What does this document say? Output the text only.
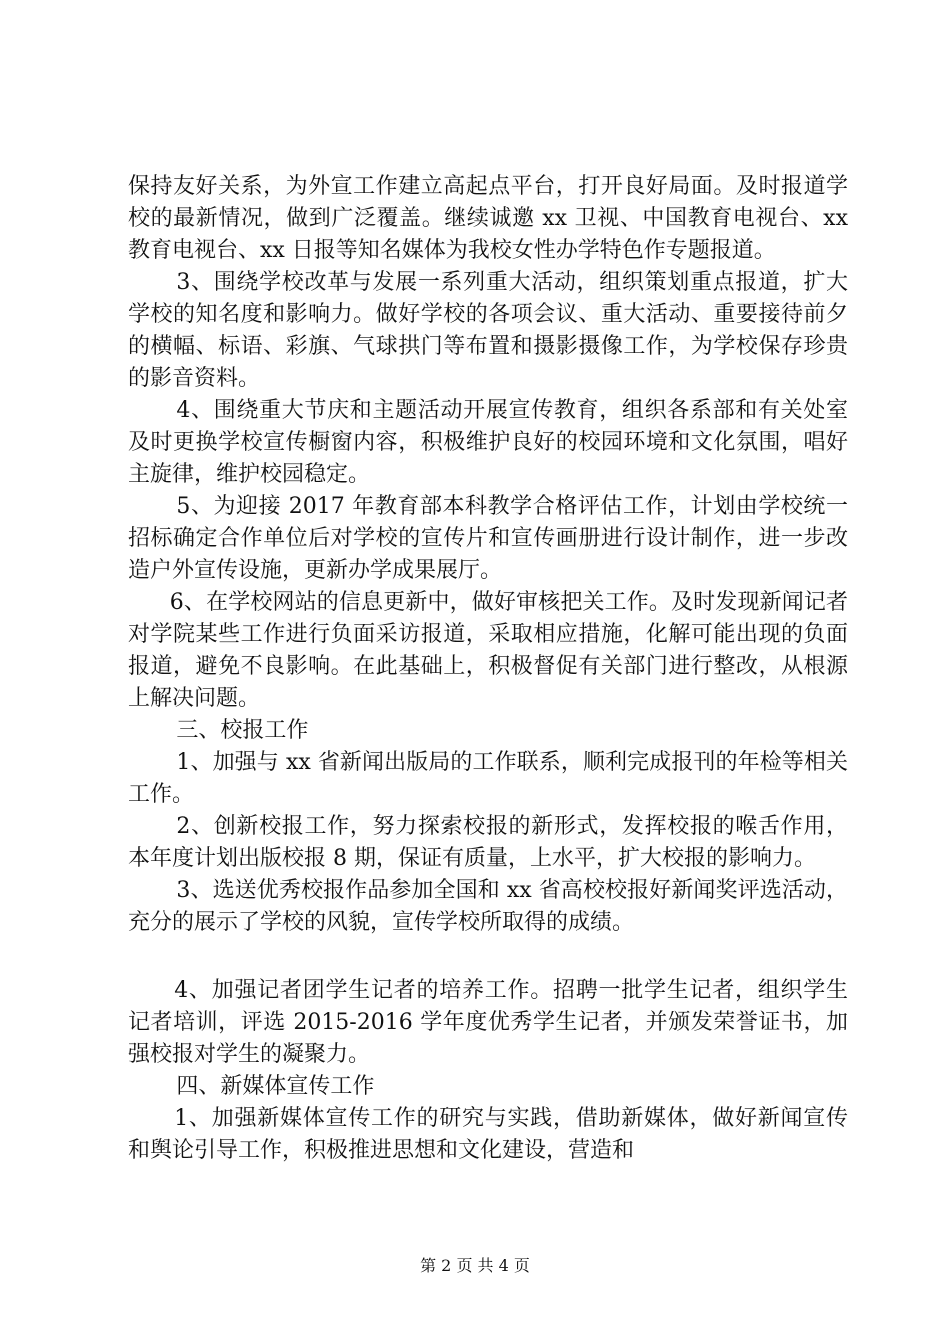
保持友好关系，为外宣工作建立高起点平台，打开良好局面。及时报道学校的最新情况，做到广泛覆盖。继续诚邀 xx 卫视、中国教育电视台、xx 教育电视台、xx 日报等知名媒体为我校女性办学特色作专题报道。

3、围绕学校改革与发展一系列重大活动，组织策划重点报道，扩大学校的知名度和影响力。做好学校的各项会议、重大活动、重要接待前夕的横幅、标语、彩旗、气球拱门等布置和摄影摄像工作，为学校保存珍贵的影音资料。

4、围绕重大节庆和主题活动开展宣传教育，组织各系部和有关处室及时更换学校宣传橱窗内容，积极维护良好的校园环境和文化氛围，唱好主旋律，维护校园稳定。

5、为迎接 2017 年教育部本科教学合格评估工作，计划由学校统一招标确定合作单位后对学校的宣传片和宣传画册进行设计制作，进一步改造户外宣传设施，更新办学成果展厅。

6、在学校网站的信息更新中，做好审核把关工作。及时发现新闻记者对学院某些工作进行负面采访报道，采取相应措施，化解可能出现的负面报道，避免不良影响。在此基础上，积极督促有关部门进行整改，从根源上解决问题。

三、校报工作

1、加强与 xx 省新闻出版局的工作联系，顺利完成报刊的年检等相关工作。

2、创新校报工作，努力探索校报的新形式，发挥校报的喉舌作用，本年度计划出版校报 8 期，保证有质量，上水平，扩大校报的影响力。

3、选送优秀校报作品参加全国和 xx 省高校校报好新闻奖评选活动，充分的展示了学校的风貌，宣传学校所取得的成绩。

4、加强记者团学生记者的培养工作。招聘一批学生记者，组织学生记者培训，评选 2015-2016 学年度优秀学生记者，并颁发荣誉证书，加强校报对学生的凝聚力。

四、新媒体宣传工作

1、加强新媒体宣传工作的研究与实践，借助新媒体，做好新闻宣传和舆论引导工作，积极推进思想和文化建设，营造和

第 2 页 共 4 页
